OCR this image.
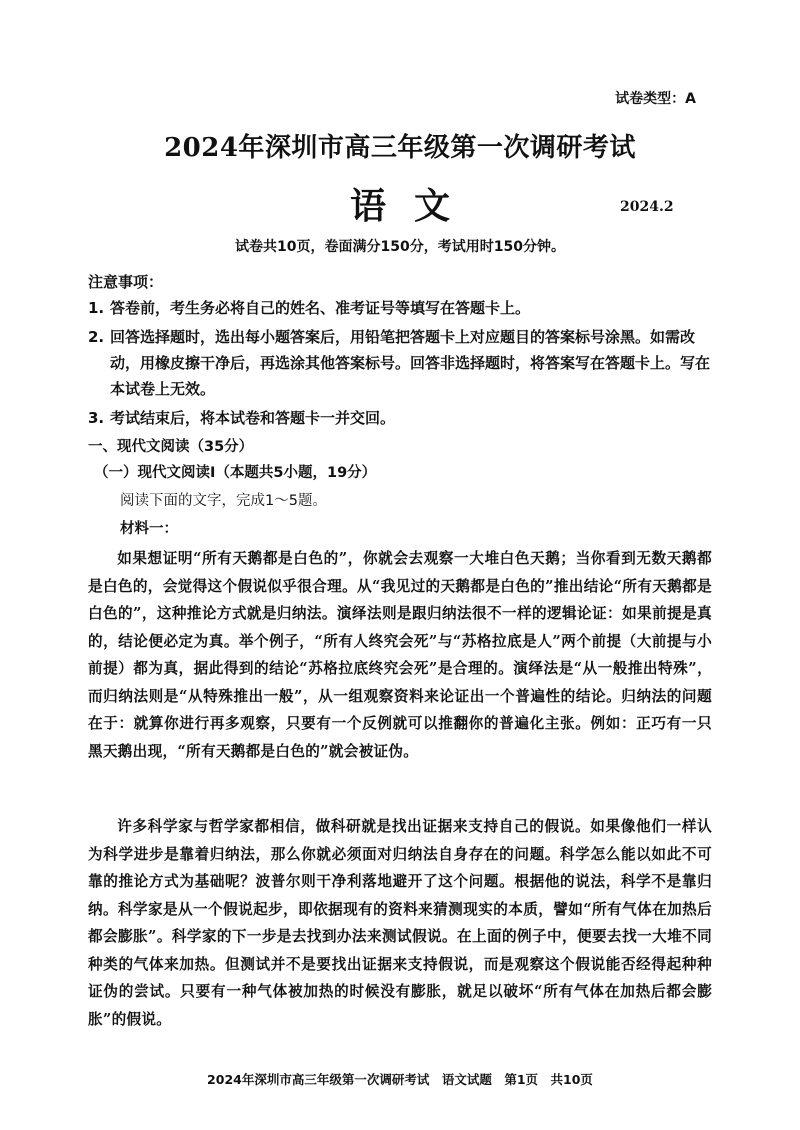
试卷类型：A
2024年深圳市高三年级第一次调研考试
语文	2024.2
试卷共10页，卷面满分150分，考试用时150分钟。
注意事项：
1. 答卷前，考生务必将自己的姓名、准考证号等填写在答题卡上。
2. 回答选择题时，选出每小题答案后，用铅笔把答题卡上对应题目的答案标号涂黑。如需改动，用橡皮擦干净后，再选涂其他答案标号。回答非选择题时，将答案写在答题卡上。写在本试卷上无效。
3. 考试结束后，将本试卷和答题卡一并交回。
一、现代文阅读（35分）
（一）现代文阅读Ⅰ（本题共5小题，19分）
阅读下面的文字，完成1～5题。
材料一：

如果想证明“所有天鹅都是白色的”，你就会去观察一大堆白色天鹅；当你看到无数天鹅都是白色的，会觉得这个假说似乎很合理。从“我见过的天鹅都是白色的”推出结论“所有天鹅都是白色的”，这种推论方式就是归纳法。演绎法则是跟归纳法很不一样的逻辑论证：如果前提是真的，结论便必定为真。举个例子，“所有人终究会死”与“苏格拉底是人”两个前提（大前提与小前提）都为真，据此得到的结论“苏格拉底终究会死”是合理的。演绎法是“从一般推出特殊”，而归纳法则是“从特殊推出一般”，从一组观察资料来论证出一个普遍性的结论。归纳法的问题在于：就算你进行再多观察，只要有一个反例就可以推翻你的普遍化主张。例如：正巧有一只黑天鹅出现，“所有天鹅都是白色的”就会被证伪。

许多科学家与哲学家都相信，做科研就是找出证据来支持自己的假说。如果像他们一样认为科学进步是靠着归纳法，那么你就必须面对归纳法自身存在的问题。科学怎么能以如此不可靠的推论方式为基础呢？波普尔则干净利落地避开了这个问题。根据他的说法，科学不是靠归纳。科学家是从一个假说起步，即依据现有的资料来猜测现实的本质，譬如“所有气体在加热后都会膨胀”。科学家的下一步是去找到办法来测试假说。在上面的例子中，便要去找一大堆不同种类的气体来加热。但测试并不是要找出证据来支持假说，而是观察这个假说能否经得起种种证伪的尝试。只要有一种气体被加热的时候没有膨胀，就足以破坏“所有气体在加热后都会膨胀”的假说。

2024年深圳市高三年级第一次调研考试　语文试题　第1页　共10页
